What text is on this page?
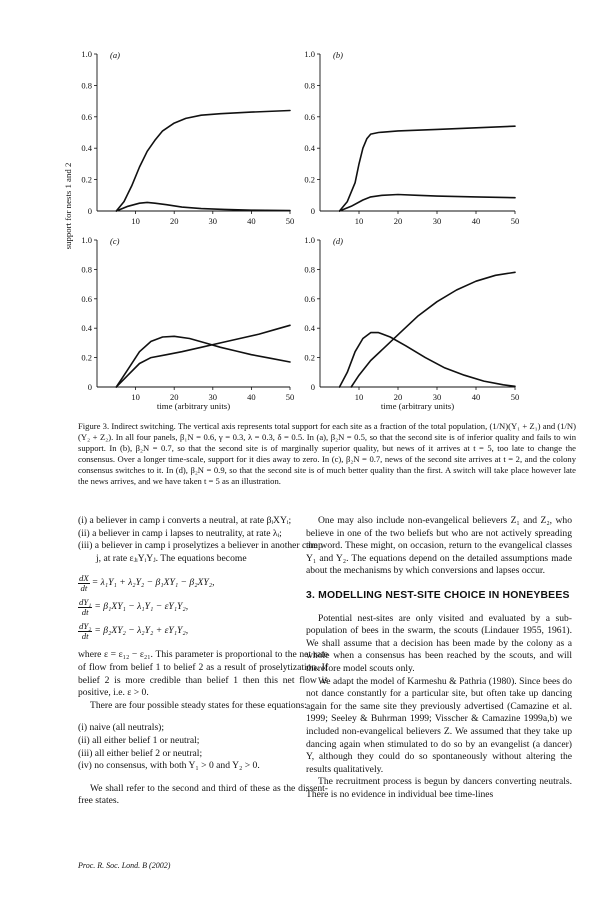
1.0
0.8
0.6
0.4
0.2
0
10	20	30	40	50
(a)	1.0
0.8
0.6
0.4
0.2
0
10	20	30	40	50
(b)
1.0
0.8
0.6
0.4
0.2
0
10	20	30	40	50
(c)	1.0
0.8
0.6
0.4
0.2
0
10	20	30	40	50
(d)
support for nests 1 and 2
time (arbitrary units)	time (arbitrary units)
Figure 3. Indirect switching. The vertical axis represents total support for each site as a fraction of the total population, (1/N)(Y₁ + Z₁) and (1/N)(Y₂ + Z₂). In all four panels, β₁N = 0.6, γ = 0.3, λ = 0.3, δ = 0.5. In (a), β₂N = 0.5, so that the second site is of inferior quality and fails to win support. In (b), β₂N = 0.7, so that the second site is of marginally superior quality, but news of it arrives at t = 5, too late to change the consensus. Over a longer time-scale, support for it dies away to zero. In (c), β₂N = 0.7, news of the second site arrives at t = 2, and the colony consensus switches to it. In (d), β₂N = 0.9, so that the second site is of much better quality than the first. A switch will take place however late the news arrives, and we have taken t = 5 as an illustration.
(i) a believer in camp i converts a neutral, at rate βᵢXYᵢ;
(ii) a believer in camp i lapses to neutrality, at rate λᵢ;
(iii) a believer in camp i proselytizes a believer in another camp j, at rate εⱼᵢYᵢYⱼ. The equations become
$\frac{dX}{dt} = \lambda_1Y_1 + \lambda_2Y_2 - \beta_1XY_1 - \beta_2XY_2$,
$\frac{\text{dY₁}}{dt} = \beta_1XY_1 - \lambda_1Y_1 - \varepsilon Y_1Y_2$,
$\frac{\text{dY₂}}{dt} = \beta_2XY_2 - \lambda_2Y_2 + \varepsilon Y_1Y_2$,

where ε = ε₁₂ − ε₂₁. This parameter is proportional to the net rate of flow from belief 1 to belief 2 as a result of proselytization. If belief 2 is more credible than belief 1 then this net flow is positive, i.e. ε > 0.

There are four possible steady states for these equations:

(i) naive (all neutrals);
(ii) all either belief 1 or neutral;
(iii) all either belief 2 or neutral;
(iv) no consensus, with both Y₁ > 0 and Y₂ > 0.

We shall refer to the second and third of these as the dissent-free states.

One may also include non-evangelical believers Z₁ and Z₂, who believe in one of the two beliefs but who are not actively spreading the word. These might, on occasion, return to the evangelical classes Y₁ and Y₂. The equations depend on the detailed assumptions made about the mechanisms by which conversions and lapses occur.

3. MODELLING NEST-SITE CHOICE IN HONEYBEES

Potential nest-sites are only visited and evaluated by a sub-population of bees in the swarm, the scouts (Lindauer 1955, 1961). We shall assume that a decision has been made by the colony as a whole when a consensus has been reached by the scouts, and will therefore model scouts only.

We adapt the model of Karmeshu & Pathria (1980). Since bees do not dance constantly for a particular site, but often take up dancing again for the same site they previously advertised (Camazine et al. 1999; Seeley & Buhrman 1999; Visscher & Camazine 1999a,b) we included non-evangelical believers Z. We assumed that they take up dancing again when stimulated to do so by an evangelist (a dancer) Y, although they could do so spontaneously without altering the results qualitatively.

The recruitment process is begun by dancers converting neutrals. There is no evidence in individual bee time-lines

Proc. R. Soc. Lond. B (2002)
